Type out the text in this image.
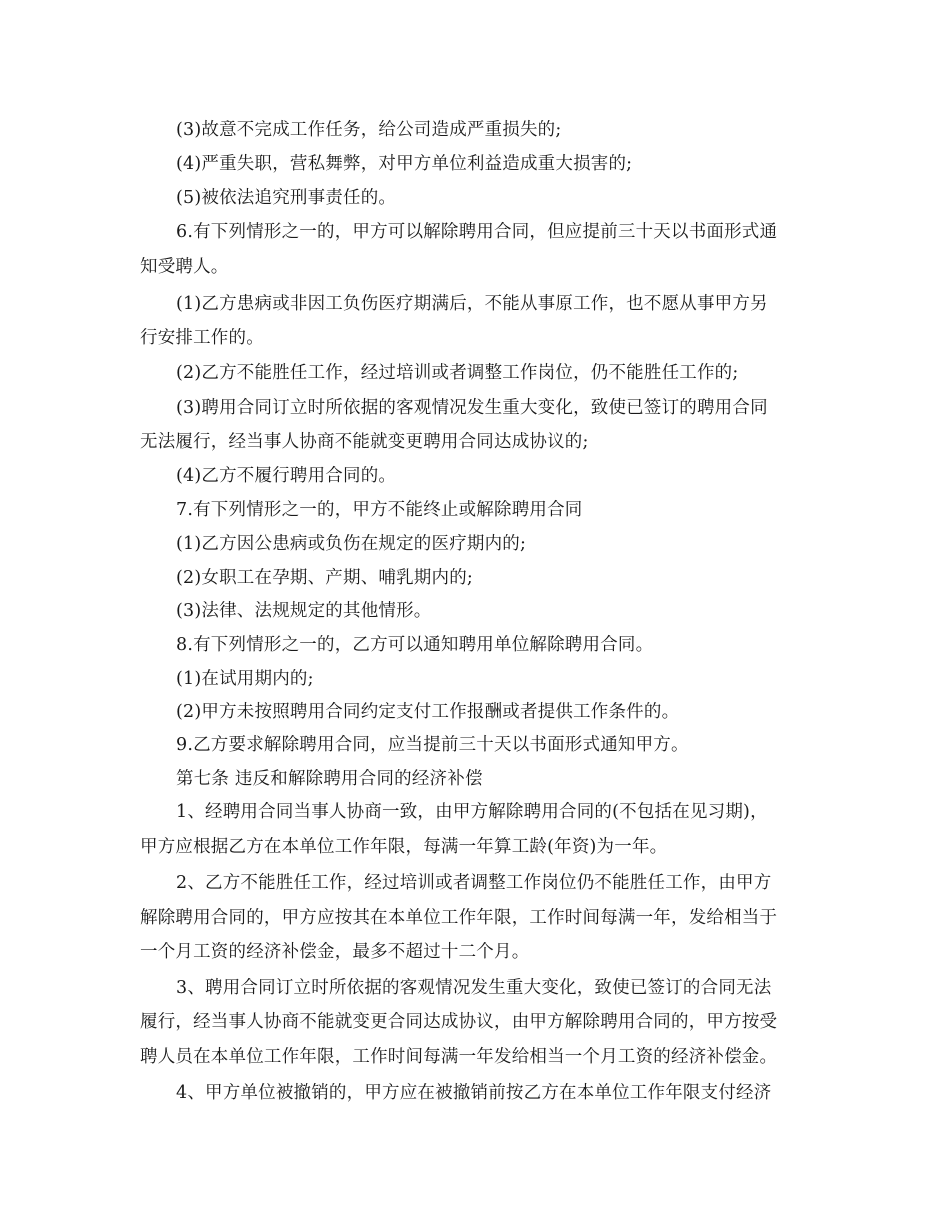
(3)故意不完成工作任务，给公司造成严重损失的;
(4)严重失职，营私舞弊，对甲方单位利益造成重大损害的;
(5)被依法追究刑事责任的。
6.有下列情形之一的，甲方可以解除聘用合同，但应提前三十天以书面形式通
知受聘人。
(1)乙方患病或非因工负伤医疗期满后，不能从事原工作，也不愿从事甲方另
行安排工作的。
(2)乙方不能胜任工作，经过培训或者调整工作岗位，仍不能胜任工作的;
(3)聘用合同订立时所依据的客观情况发生重大变化，致使已签订的聘用合同
无法履行，经当事人协商不能就变更聘用合同达成协议的;
(4)乙方不履行聘用合同的。
7.有下列情形之一的，甲方不能终止或解除聘用合同
(1)乙方因公患病或负伤在规定的医疗期内的;
(2)女职工在孕期、产期、哺乳期内的;
(3)法律、法规规定的其他情形。
8.有下列情形之一的，乙方可以通知聘用单位解除聘用合同。
(1)在试用期内的;
(2)甲方未按照聘用合同约定支付工作报酬或者提供工作条件的。
9.乙方要求解除聘用合同，应当提前三十天以书面形式通知甲方。
第七条 违反和解除聘用合同的经济补偿
1、经聘用合同当事人协商一致，由甲方解除聘用合同的(不包括在见习期)，
甲方应根据乙方在本单位工作年限，每满一年算工龄(年资)为一年。
2、乙方不能胜任工作，经过培训或者调整工作岗位仍不能胜任工作，由甲方
解除聘用合同的，甲方应按其在本单位工作年限，工作时间每满一年，发给相当于
一个月工资的经济补偿金，最多不超过十二个月。
3、聘用合同订立时所依据的客观情况发生重大变化，致使已签订的合同无法
履行，经当事人协商不能就变更合同达成协议，由甲方解除聘用合同的，甲方按受
聘人员在本单位工作年限，工作时间每满一年发给相当一个月工资的经济补偿金。
4、甲方单位被撤销的，甲方应在被撤销前按乙方在本单位工作年限支付经济
